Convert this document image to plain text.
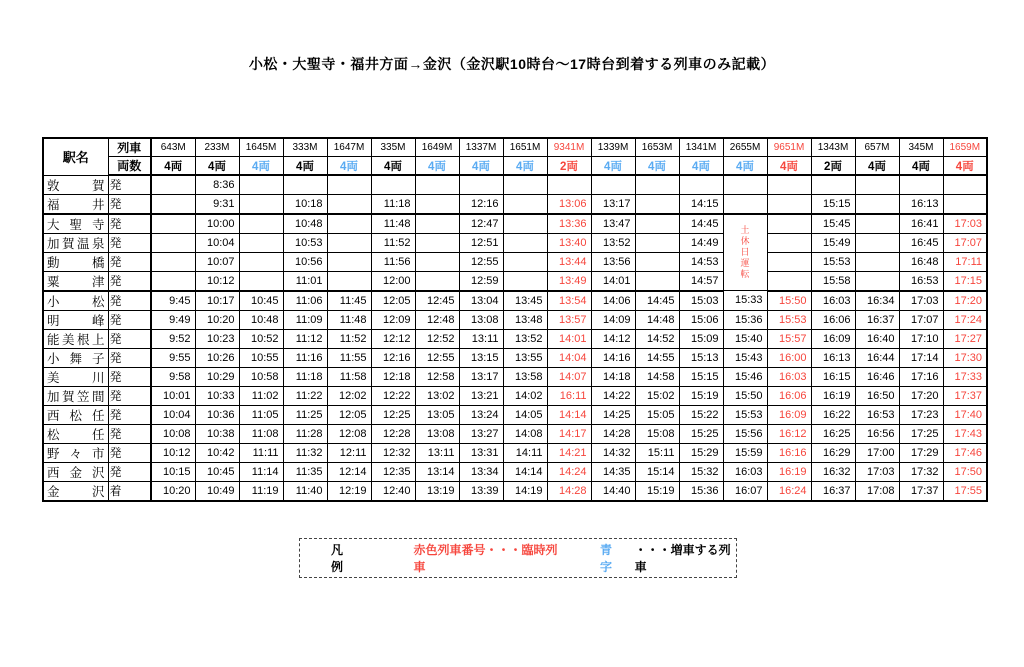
小松・大聖寺・福井方面→金沢（金沢駅10時台～17時台到着する列車のみ記載）
駅名	列車	643M	233M	1645M	333M	1647M	335M	1649M	1337M	1651M	9341M	1339M	1653M	1341M	2655M	9651M	1343M	657M	345M	1659M
	両数	4両	4両	4両	4両	4両	4両	4両	4両	4両	2両	4両	4両	4両	4両	4両	2両	4両	4両	4両
敦賀	発		8:36																	
福井	発		9:31		10:18		11:18		12:16		13:06	13:17		14:15			15:15		16:13	
大聖寺	発		10:00		10:48		11:48		12:47		13:36	13:47		14:45	土休日運転		15:45		16:41	17:03
加賀温泉	発		10:04		10:53		11:52		12:51		13:40	13:52		14:49			15:49		16:45	17:07
動橋	発		10:07		10:56		11:56		12:55		13:44	13:56		14:53			15:53		16:48	17:11
粟津	発		10:12		11:01		12:00		12:59		13:49	14:01		14:57			15:58		16:53	17:15
小松	発	9:45	10:17	10:45	11:06	11:45	12:05	12:45	13:04	13:45	13:54	14:06	14:45	15:03	15:33	15:50	16:03	16:34	17:03	17:20
明峰	発	9:49	10:20	10:48	11:09	11:48	12:09	12:48	13:08	13:48	13:57	14:09	14:48	15:06	15:36	15:53	16:06	16:37	17:07	17:24
能美根上	発	9:52	10:23	10:52	11:12	11:52	12:12	12:52	13:11	13:52	14:01	14:12	14:52	15:09	15:40	15:57	16:09	16:40	17:10	17:27
小舞子	発	9:55	10:26	10:55	11:16	11:55	12:16	12:55	13:15	13:55	14:04	14:16	14:55	15:13	15:43	16:00	16:13	16:44	17:14	17:30
美川	発	9:58	10:29	10:58	11:18	11:58	12:18	12:58	13:17	13:58	14:07	14:18	14:58	15:15	15:46	16:03	16:15	16:46	17:16	17:33
加賀笠間	発	10:01	10:33	11:02	11:22	12:02	12:22	13:02	13:21	14:02	16:11	14:22	15:02	15:19	15:50	16:06	16:19	16:50	17:20	17:37
西松任	発	10:04	10:36	11:05	11:25	12:05	12:25	13:05	13:24	14:05	14:14	14:25	15:05	15:22	15:53	16:09	16:22	16:53	17:23	17:40
松任	発	10:08	10:38	11:08	11:28	12:08	12:28	13:08	13:27	14:08	14:17	14:28	15:08	15:25	15:56	16:12	16:25	16:56	17:25	17:43
野々市	発	10:12	10:42	11:11	11:32	12:11	12:32	13:11	13:31	14:11	14:21	14:32	15:11	15:29	15:59	16:16	16:29	17:00	17:29	17:46
西金沢	発	10:15	10:45	11:14	11:35	12:14	12:35	13:14	13:34	14:14	14:24	14:35	15:14	15:32	16:03	16:19	16:32	17:03	17:32	17:50
金沢	着	10:20	10:49	11:19	11:40	12:19	12:40	13:19	13:39	14:19	14:28	14:40	15:19	15:36	16:07	16:24	16:37	17:08	17:37	17:55
凡例
赤色列車番号・・・臨時列車
青字
・・・増車する列車
